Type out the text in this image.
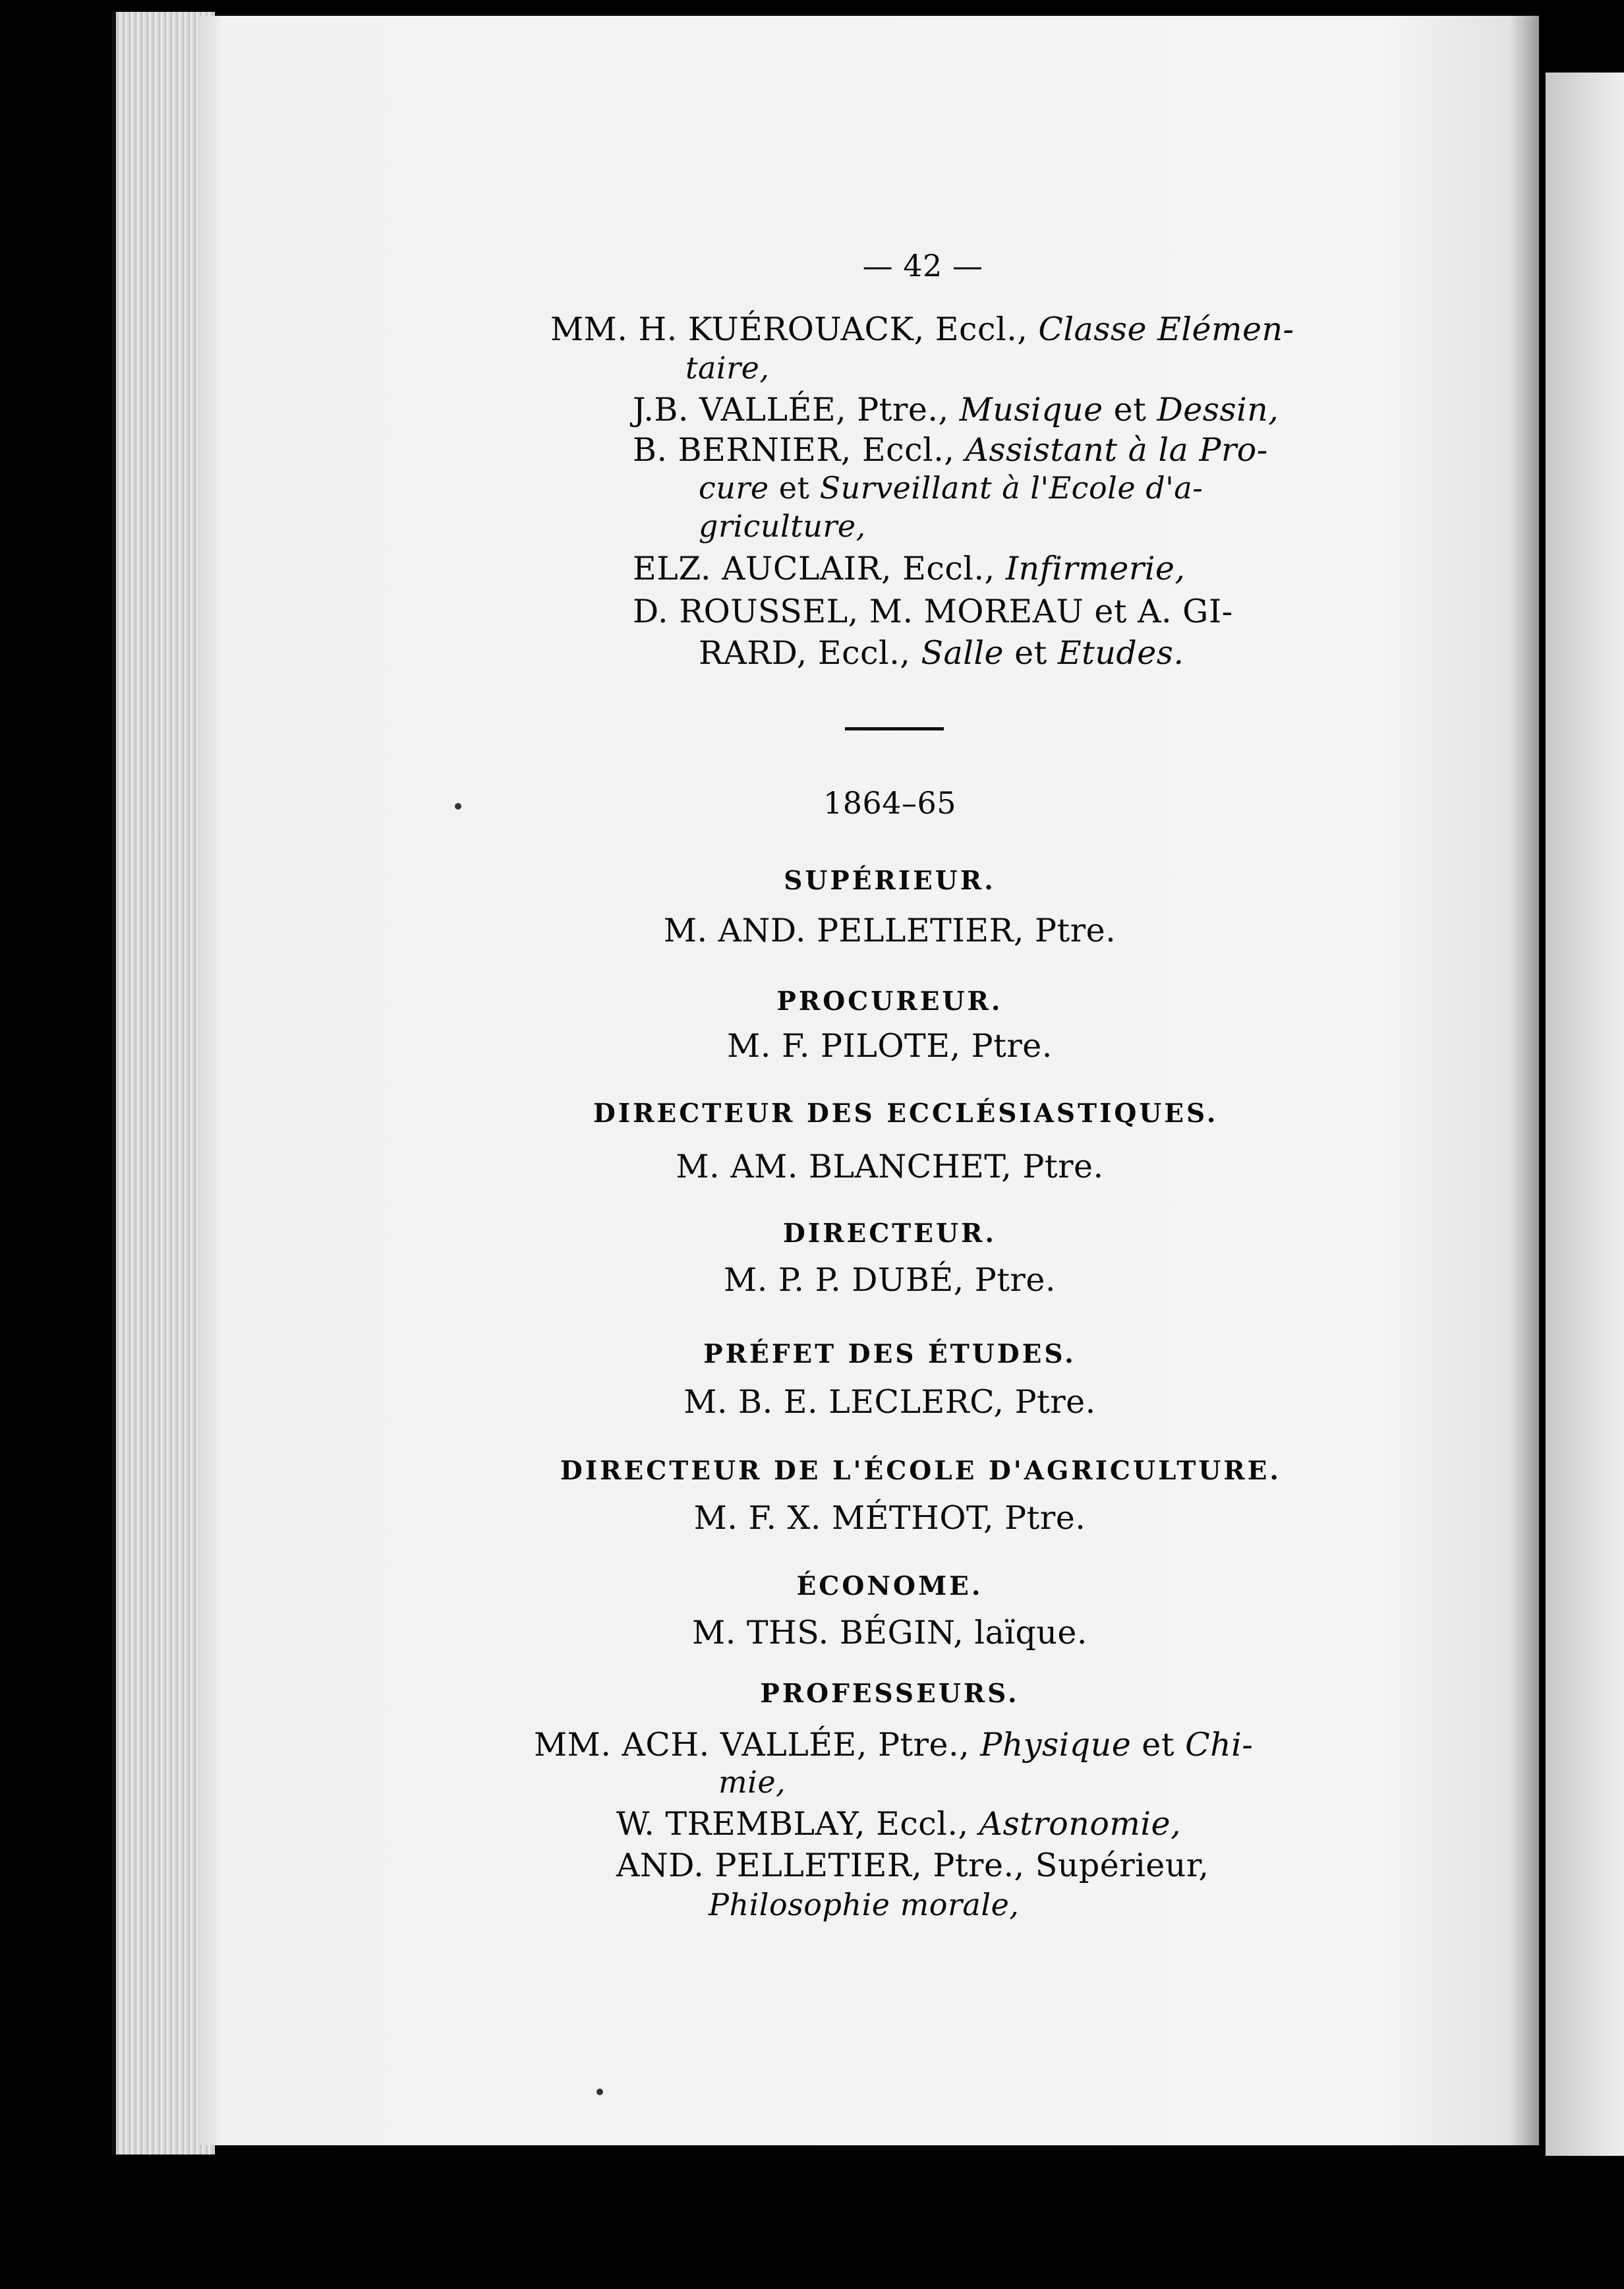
— 42 —
MM. H. KUÉROUACK, Eccl., Classe Elémen-
taire,
J.B. VALLÉE, Ptre., Musique et Dessin,
B. BERNIER, Eccl., Assistant à la Pro-
cure et Surveillant à l'Ecole d'a-
griculture,
ELZ. AUCLAIR, Eccl., Infirmerie,
D. ROUSSEL, M. MOREAU et A. GI-
RARD, Eccl., Salle et Etudes.
1864–65
SUPÉRIEUR.
M. AND. PELLETIER, Ptre.
PROCUREUR.
M. F. PILOTE, Ptre.
DIRECTEUR DES ECCLÉSIASTIQUES.
M. AM. BLANCHET, Ptre.
DIRECTEUR.
M. P. P. DUBÉ, Ptre.
PRÉFET DES ÉTUDES.
M. B. E. LECLERC, Ptre.
DIRECTEUR DE L'ÉCOLE D'AGRICULTURE.
M. F. X. MÉTHOT, Ptre.
ÉCONOME.
M. THS. BÉGIN, laïque.
PROFESSEURS.
MM. ACH. VALLÉE, Ptre., Physique et Chi-
mie,
W. TREMBLAY, Eccl., Astronomie,
AND. PELLETIER, Ptre., Supérieur,
Philosophie morale,
